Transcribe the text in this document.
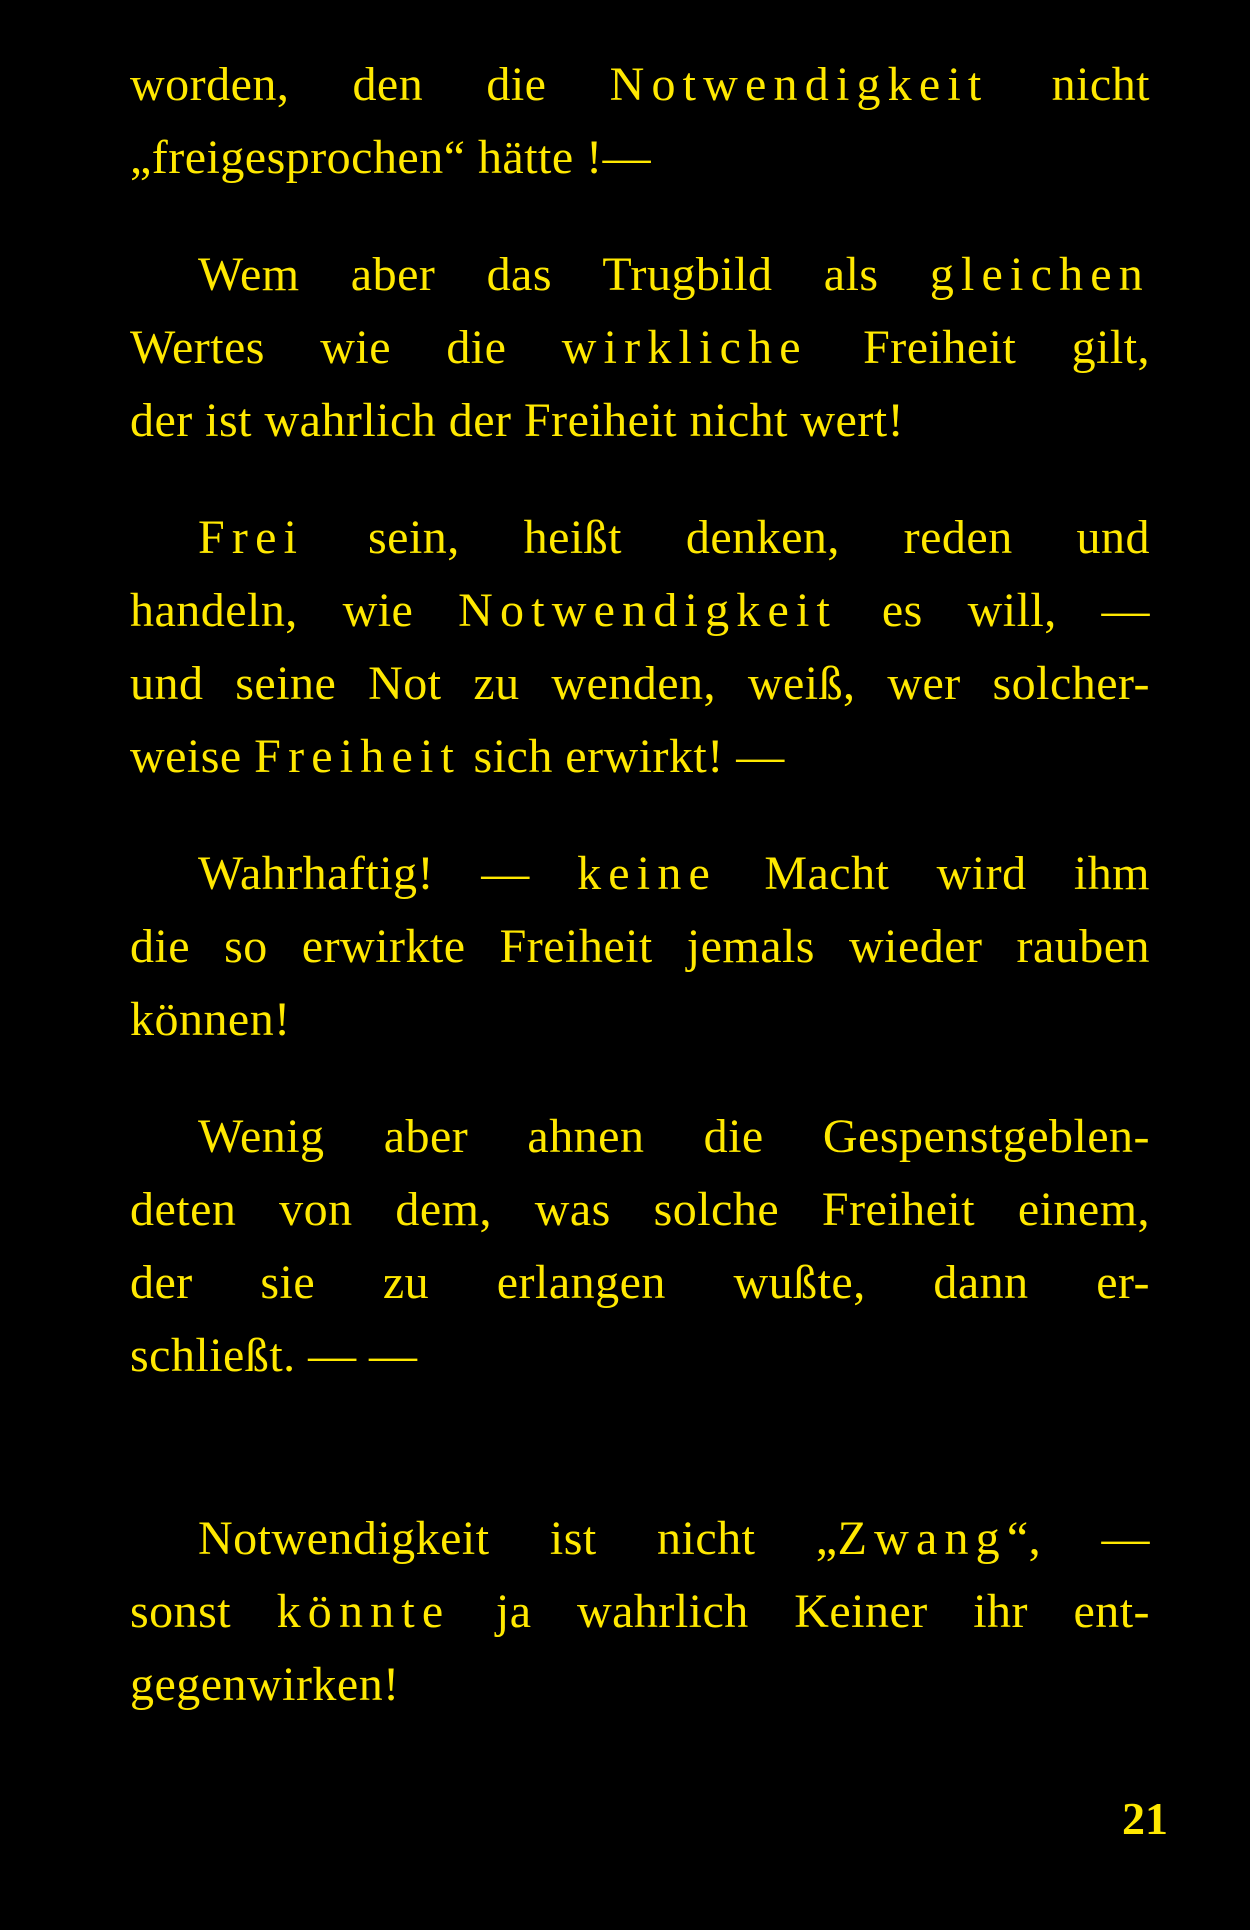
worden, den die Notwendigkeit nicht
„freigesprochen“ hätte !—
Wem aber das Trugbild als gleichen
Wertes wie die wirkliche Freiheit gilt,
der ist wahrlich der Freiheit nicht wert!
Frei sein, heißt denken, reden und
handeln, wie Notwendigkeit es will, —
und seine Not zu wenden, weiß, wer solcher-
weise Freiheit sich erwirkt! —
Wahrhaftig! — keine Macht wird ihm
die so erwirkte Freiheit jemals wieder rauben
können!
Wenig aber ahnen die Gespenstgeblen-
deten von dem, was solche Freiheit einem,
der sie zu erlangen wußte, dann er-
schließt. — —
Notwendigkeit ist nicht „Zwang“, —
sonst könnte ja wahrlich Keiner ihr ent-
gegenwirken!
21
